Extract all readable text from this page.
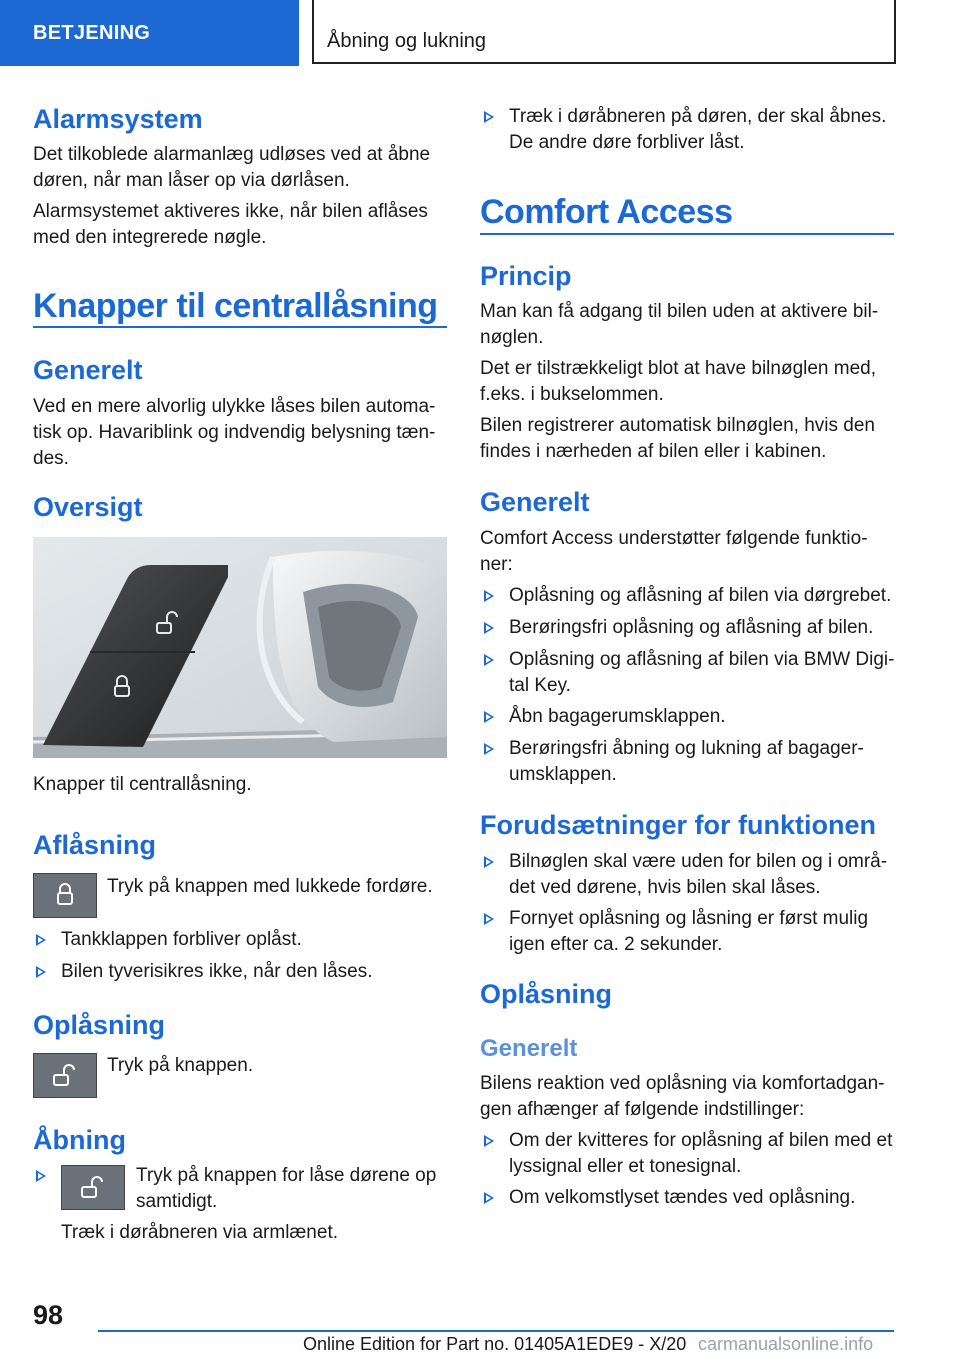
BETJENING	Åbning og lukning
Alarmsystem
Det tilkoblede alarmanlæg udløses ved at åbne
døren, når man låser op via dørlåsen.
Alarmsystemet aktiveres ikke, når bilen aflåses
med den integrerede nøgle.
Knapper til centrallåsning
Generelt
Ved en mere alvorlig ulykke låses bilen automa-
tisk op. Havariblink og indvendig belysning tæn-
des.
Oversigt
Knapper til centrallåsning.
Aflåsning
Tryk på knappen med lukkede fordøre.
Tankklappen forbliver oplåst.
Bilen tyverisikres ikke, når den låses.
Oplåsning
Tryk på knappen.
Åbning
Tryk på knappen for låse dørene op
samtidigt.
Træk i døråbneren via armlænet.
Træk i døråbneren på døren, der skal åbnes.
De andre døre forbliver låst.
Comfort Access
Princip
Man kan få adgang til bilen uden at aktivere bil-
nøglen.
Det er tilstrækkeligt blot at have bilnøglen med,
f.eks. i bukselommen.
Bilen registrerer automatisk bilnøglen, hvis den
findes i nærheden af bilen eller i kabinen.
Generelt
Comfort Access understøtter følgende funktio-
ner:
Oplåsning og aflåsning af bilen via dørgrebet.
Berøringsfri oplåsning og aflåsning af bilen.
Oplåsning og aflåsning af bilen via BMW Digi-
tal Key.
Åbn bagagerumsklappen.
Berøringsfri åbning og lukning af bagager-
umsklappen.
Forudsætninger for funktionen
Bilnøglen skal være uden for bilen og i områ-
det ved dørene, hvis bilen skal låses.
Fornyet oplåsning og låsning er først mulig
igen efter ca. 2 sekunder.
Oplåsning
Generelt
Bilens reaktion ved oplåsning via komfortadgan-
gen afhænger af følgende indstillinger:
Om der kvitteres for oplåsning af bilen med et
lyssignal eller et tonesignal.
Om velkomstlyset tændes ved oplåsning.
98
Online Edition for Part no. 01405A1EDE9 - X/20 carmanualsonline.info
